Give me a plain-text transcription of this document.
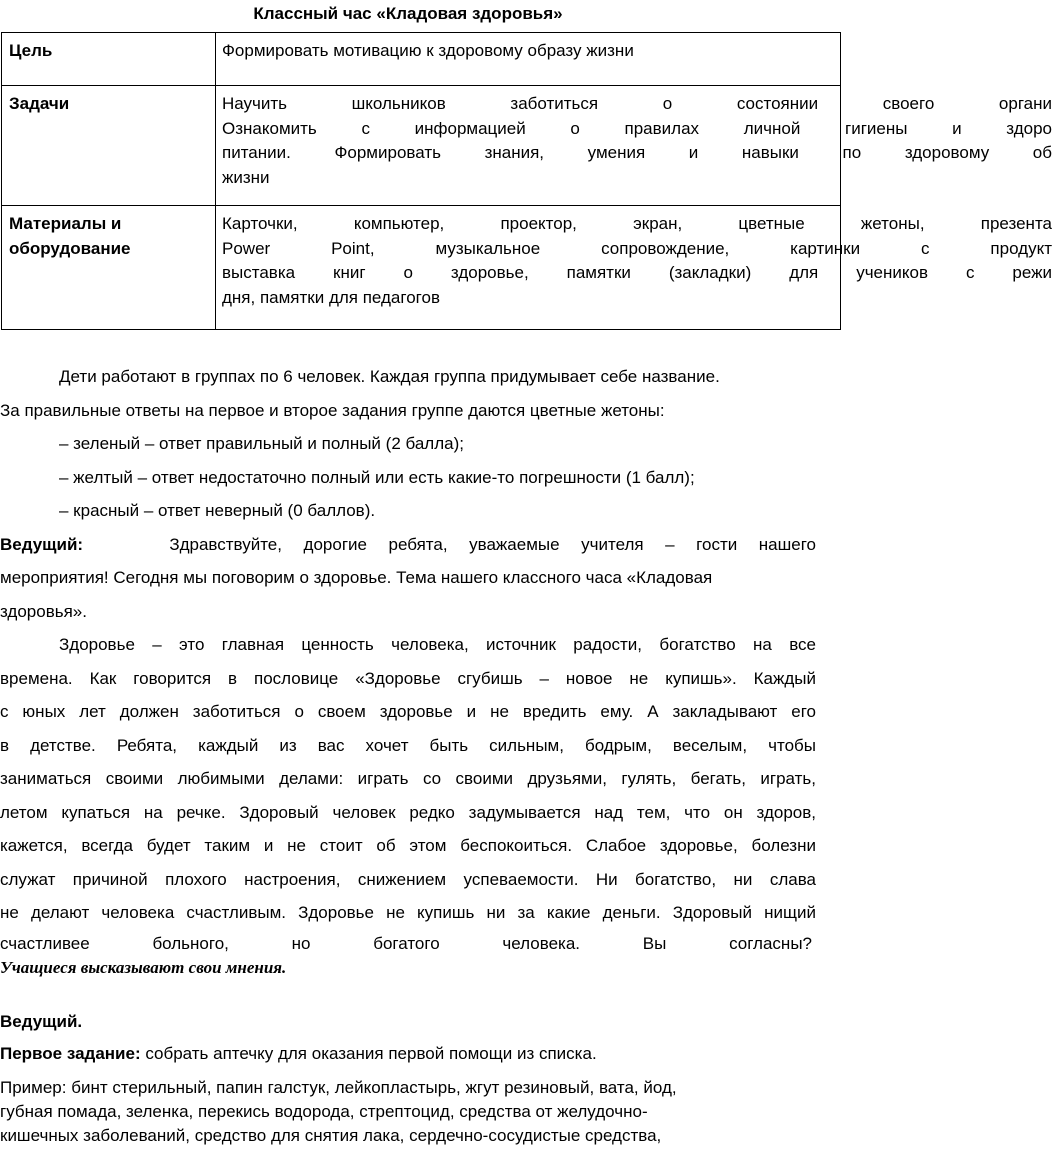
Классный час «Кладовая здоровья»
Цель	Формировать мотивацию к здоровому образу жизни

Задачи	Научить школьников заботиться о состоянии своего органи
Ознакомить с информацией о правилах личной гигиены и здоро
питании. Формировать знания, умения и навыки по здоровому об
жизни

Материалы и
оборудование	Карточки, компьютер, проектор, экран, цветные жетоны, презента
Power Point, музыкальное сопровождение, картинки с продукт
выставка книг о здоровье, памятки (закладки) для учеников с режи
дня, памятки для педагогов
Дети работают в группах по 6 человек. Каждая группа придумывает себе название.
За правильные ответы на первое и второе задания группе даются цветные жетоны:
– зеленый – ответ правильный и полный (2 балла);
– желтый – ответ недостаточно полный или есть какие-то погрешности (1 балл);
– красный – ответ неверный (0 баллов).
Ведущий:	Здравствуйте, дорогие ребята, уважаемые учителя – гости нашего
мероприятия! Сегодня мы поговорим о здоровье. Тема нашего классного часа «Кладовая
здоровья».
Здоровье – это главная ценность человека, источник радости, богатство на все
времена. Как говорится в пословице «Здоровье сгубишь – новое не купишь». Каждый
с юных лет должен заботиться о своем здоровье и не вредить ему. А закладывают его
в детстве. Ребята, каждый из вас хочет быть сильным, бодрым, веселым, чтобы
заниматься своими любимыми делами: играть со своими друзьями, гулять, бегать, играть,
летом купаться на речке. Здоровый человек редко задумывается над тем, что он здоров,
кажется, всегда будет таким и не стоит об этом беспокоиться. Слабое здоровье, болезни
служат причиной плохого настроения, снижением успеваемости. Ни богатство, ни слава
не делают человека счастливым. Здоровье не купишь ни за какие деньги. Здоровый нищий
счастливее больного, но богатого человека. Вы согласны?
Учащиеся высказывают свои мнения.
Ведущий.
Первое задание: собрать аптечку для оказания первой помощи из списка.
Пример: бинт стерильный, папин галстук, лейкопластырь, жгут резиновый, вата, йод,
губная помада, зеленка, перекись водорода, стрептоцид, средства от желудочно-
кишечных заболеваний, средство для снятия лака, сердечно-сосудистые средства,
